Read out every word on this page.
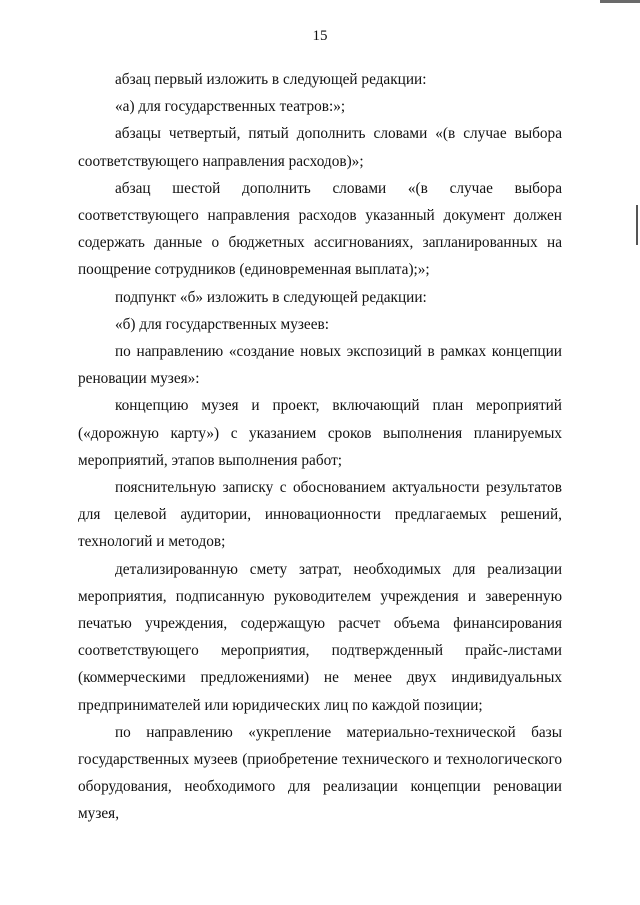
15

абзац первый изложить в следующей редакции:

«а) для государственных театров:»;

абзацы четвертый, пятый дополнить словами «(в случае выбора соответствующего направления расходов)»;

абзац шестой дополнить словами «(в случае выбора соответствующего направления расходов указанный документ должен содержать данные о бюджетных ассигнованиях, запланированных на поощрение сотрудников (единовременная выплата);»;

подпункт «б» изложить в следующей редакции:

«б) для государственных музеев:

по направлению «создание новых экспозиций в рамках концепции реновации музея»:

концепцию музея и проект, включающий план мероприятий («дорожную карту») с указанием сроков выполнения планируемых мероприятий, этапов выполнения работ;

пояснительную записку с обоснованием актуальности результатов для целевой аудитории, инновационности предлагаемых решений, технологий и методов;

детализированную смету затрат, необходимых для реализации мероприятия, подписанную руководителем учреждения и заверенную печатью учреждения, содержащую расчет объема финансирования соответствующего мероприятия, подтвержденный прайс-листами (коммерческими предложениями) не менее двух индивидуальных предпринимателей или юридических лиц по каждой позиции;

по направлению «укрепление материально-технической базы государственных музеев (приобретение технического и технологического оборудования, необходимого для реализации концепции реновации музея,
